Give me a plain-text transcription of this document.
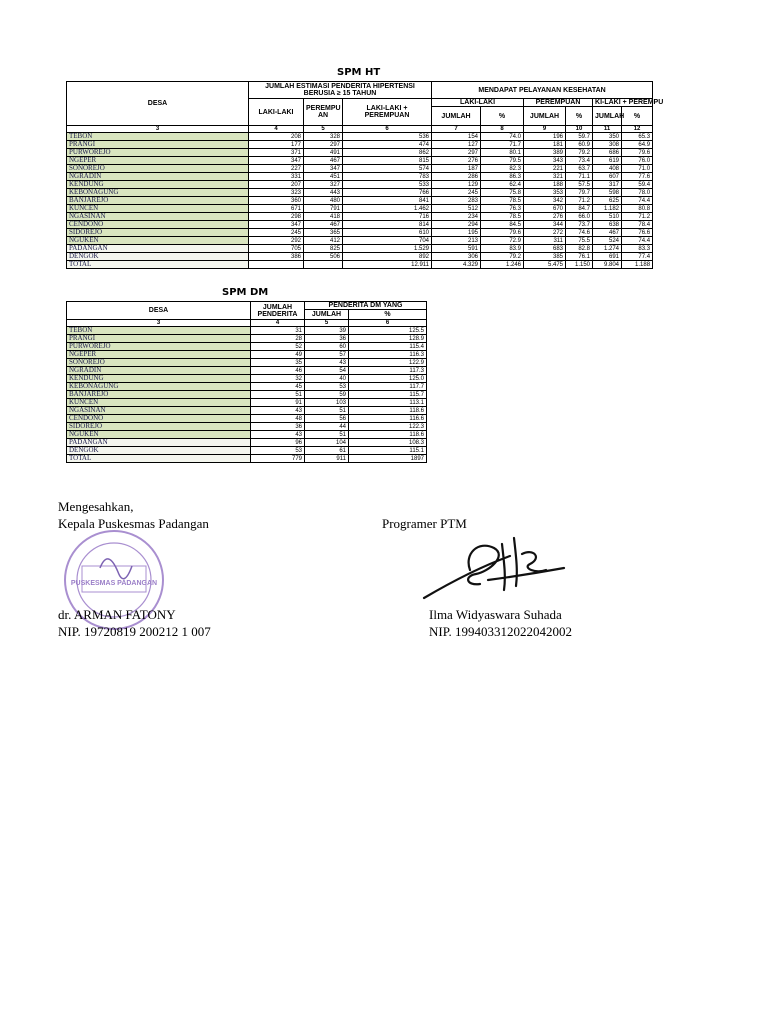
SPM HT
DESA	JUMLAH ESTIMASI PENDERITA HIPERTENSI BERUSIA ≥ 15 TAHUN			MENDAPAT PELAYANAN KESEHATAN					
	LAKI-LAKI	PEREMPU AN	LAKI-LAKI + PEREMPUAN	LAKI-LAKI		PEREMPUAN		KI-LAKI + PEREMPU	
				JUMLAH	%	JUMLAH	%	JUMLAH	%
3	4	5	6	7	8	9	10	11	12
TEBON	208	328	536	154	74.0	196	59.7	350	65.3
PRANGI	177	297	474	127	71.7	181	60.9	308	64.9
PURWOREJO	371	491	862	297	80.1	389	79.2	686	79.6
NGEPER	347	467	815	276	79.5	343	73.4	619	76.0
SONOREJO	227	347	574	187	82.3	221	63.7	408	71.0
NGRADIN	331	451	783	286	86.3	321	71.1	607	77.6
KENDUNG	207	327	533	129	62.4	188	57.5	317	59.4
KEBONAGUNG	323	443	766	245	75.8	353	79.7	598	78.0
BANJAREJO	360	480	841	283	78.5	342	71.2	625	74.4
KUNCEN	671	791	1.462	512	76.3	670	84.7	1.182	80.8
NGASINAN	298	418	716	234	78.5	276	66.0	510	71.2
CENDONO	347	467	814	294	84.5	344	73.7	638	78.4
SIDOREJO	245	365	610	195	79.6	272	74.6	467	76.6
NGUKEN	292	412	704	213	72.9	311	75.5	524	74.4
PADANGAN	705	825	1.529	591	83.9	683	82.8	1.274	83.3
DENGOK	386	506	892	306	79.2	385	76.1	691	77.4
TOTAL			12.911	4.329	1.246	5.475	1.150	9.804	1.188
SPM DM
DESA	JUMLAH PENDERITA	PENDERITA DM YANG	
		JUMLAH	%
3	4	5	6
TEBON	31	39	125.5
PRANGI	28	36	128.9
PURWOREJO	52	60	115.4
NGEPER	49	57	116.3
SONOREJO	35	43	122.9
NGRADIN	46	54	117.3
KENDUNG	32	40	125.0
KEBONAGUNG	45	53	117.7
BANJAREJO	51	59	115.7
KUNCEN	91	103	113.1
NGASINAN	43	51	118.6
CENDONO	48	56	116.6
SIDOREJO	36	44	122.3
NGUKEN	43	51	118.6
PADANGAN	96	104	108.3
DENGOK	53	61	115.1
TOTAL	779	911	1897
Mengesahkan,
Kepala Puskesmas Padangan	Programer PTM
PUSKESMAS PADANGAN
dr. ARMAN FATONY
NIP. 19720819 200212 1 007
Ilma Widyaswara Suhada
NIP. 199403312022042002
